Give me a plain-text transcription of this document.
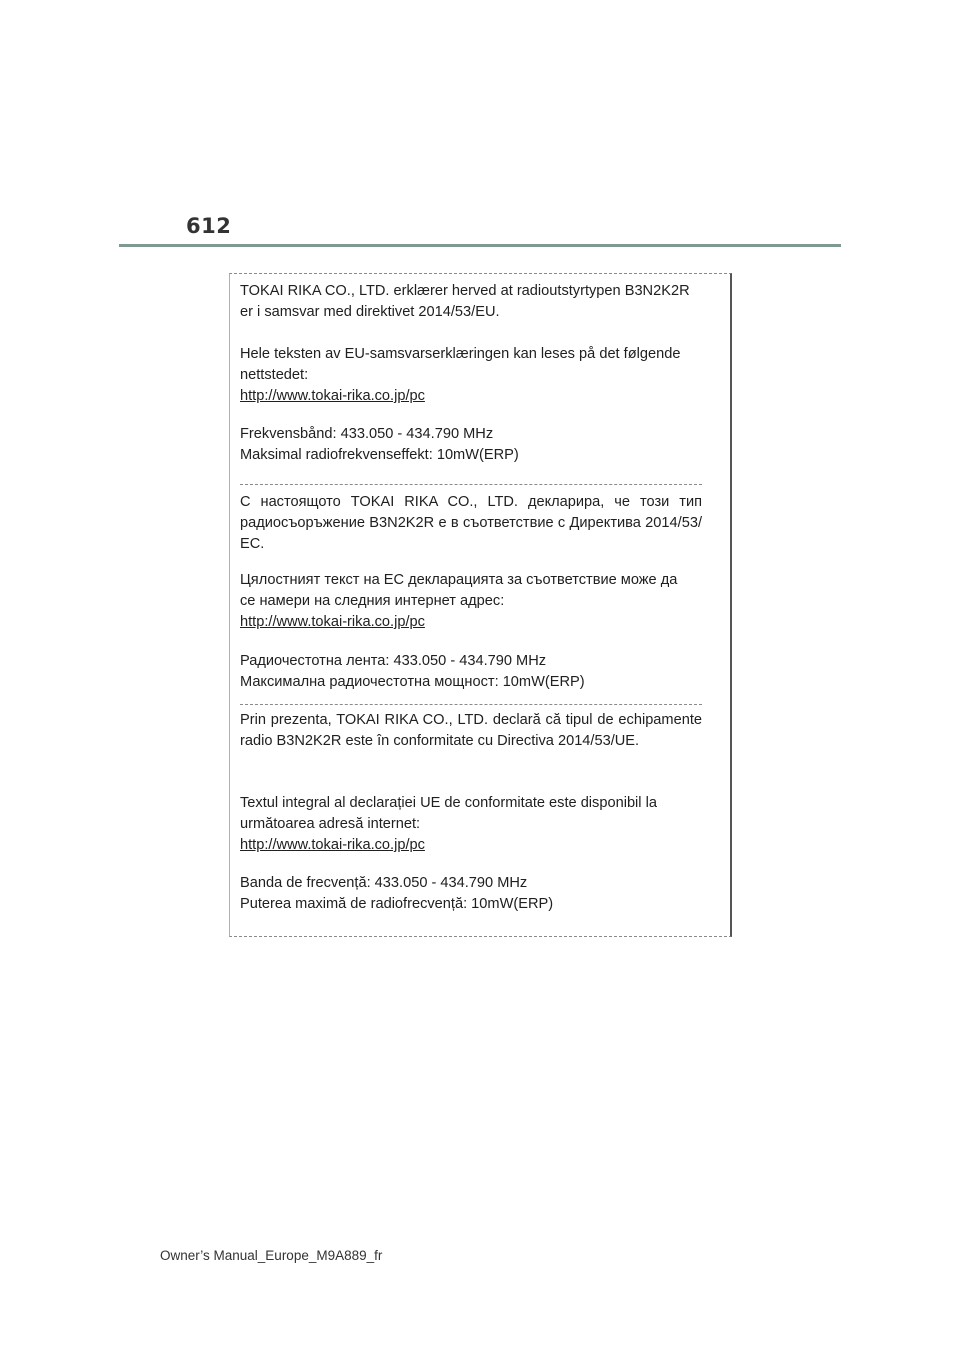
612

TOKAI RIKA CO., LTD. erklærer herved at radioutstyrtypen B3N2K2R er i samsvar med direktivet 2014/53/EU.

Hele teksten av EU-samsvarserklæringen kan leses på det følgende
nettstedet:
http://www.tokai-rika.co.jp/pc

Frekvensbånd: 433.050 - 434.790 MHz
Maksimal radiofrekvenseffekt: 10mW(ERP)

С настоящото TOKAI RIKA CO., LTD. декларира, че този тип радиосъоръжение B3N2K2R е в съответствие с Директива 2014/53/ЕС.

Цялостният текст на ЕС декларацията за съответствие може да
се намери на следния интернет адрес:
http://www.tokai-rika.co.jp/pc

Радиочестотна лента: 433.050 - 434.790 MHz
Максимална радиочестотна мощност: 10mW(ERP)

Prin prezenta, TOKAI RIKA CO., LTD. declară că tipul de echipamente radio B3N2K2R este în conformitate cu Directiva 2014/53/UE.

Textul integral al declarației UE de conformitate este disponibil la
următoarea adresă internet:
http://www.tokai-rika.co.jp/pc

Banda de frecvență: 433.050 - 434.790 MHz
Puterea maximă de radiofrecvență: 10mW(ERP)

Owner’s Manual_Europe_M9A889_fr
